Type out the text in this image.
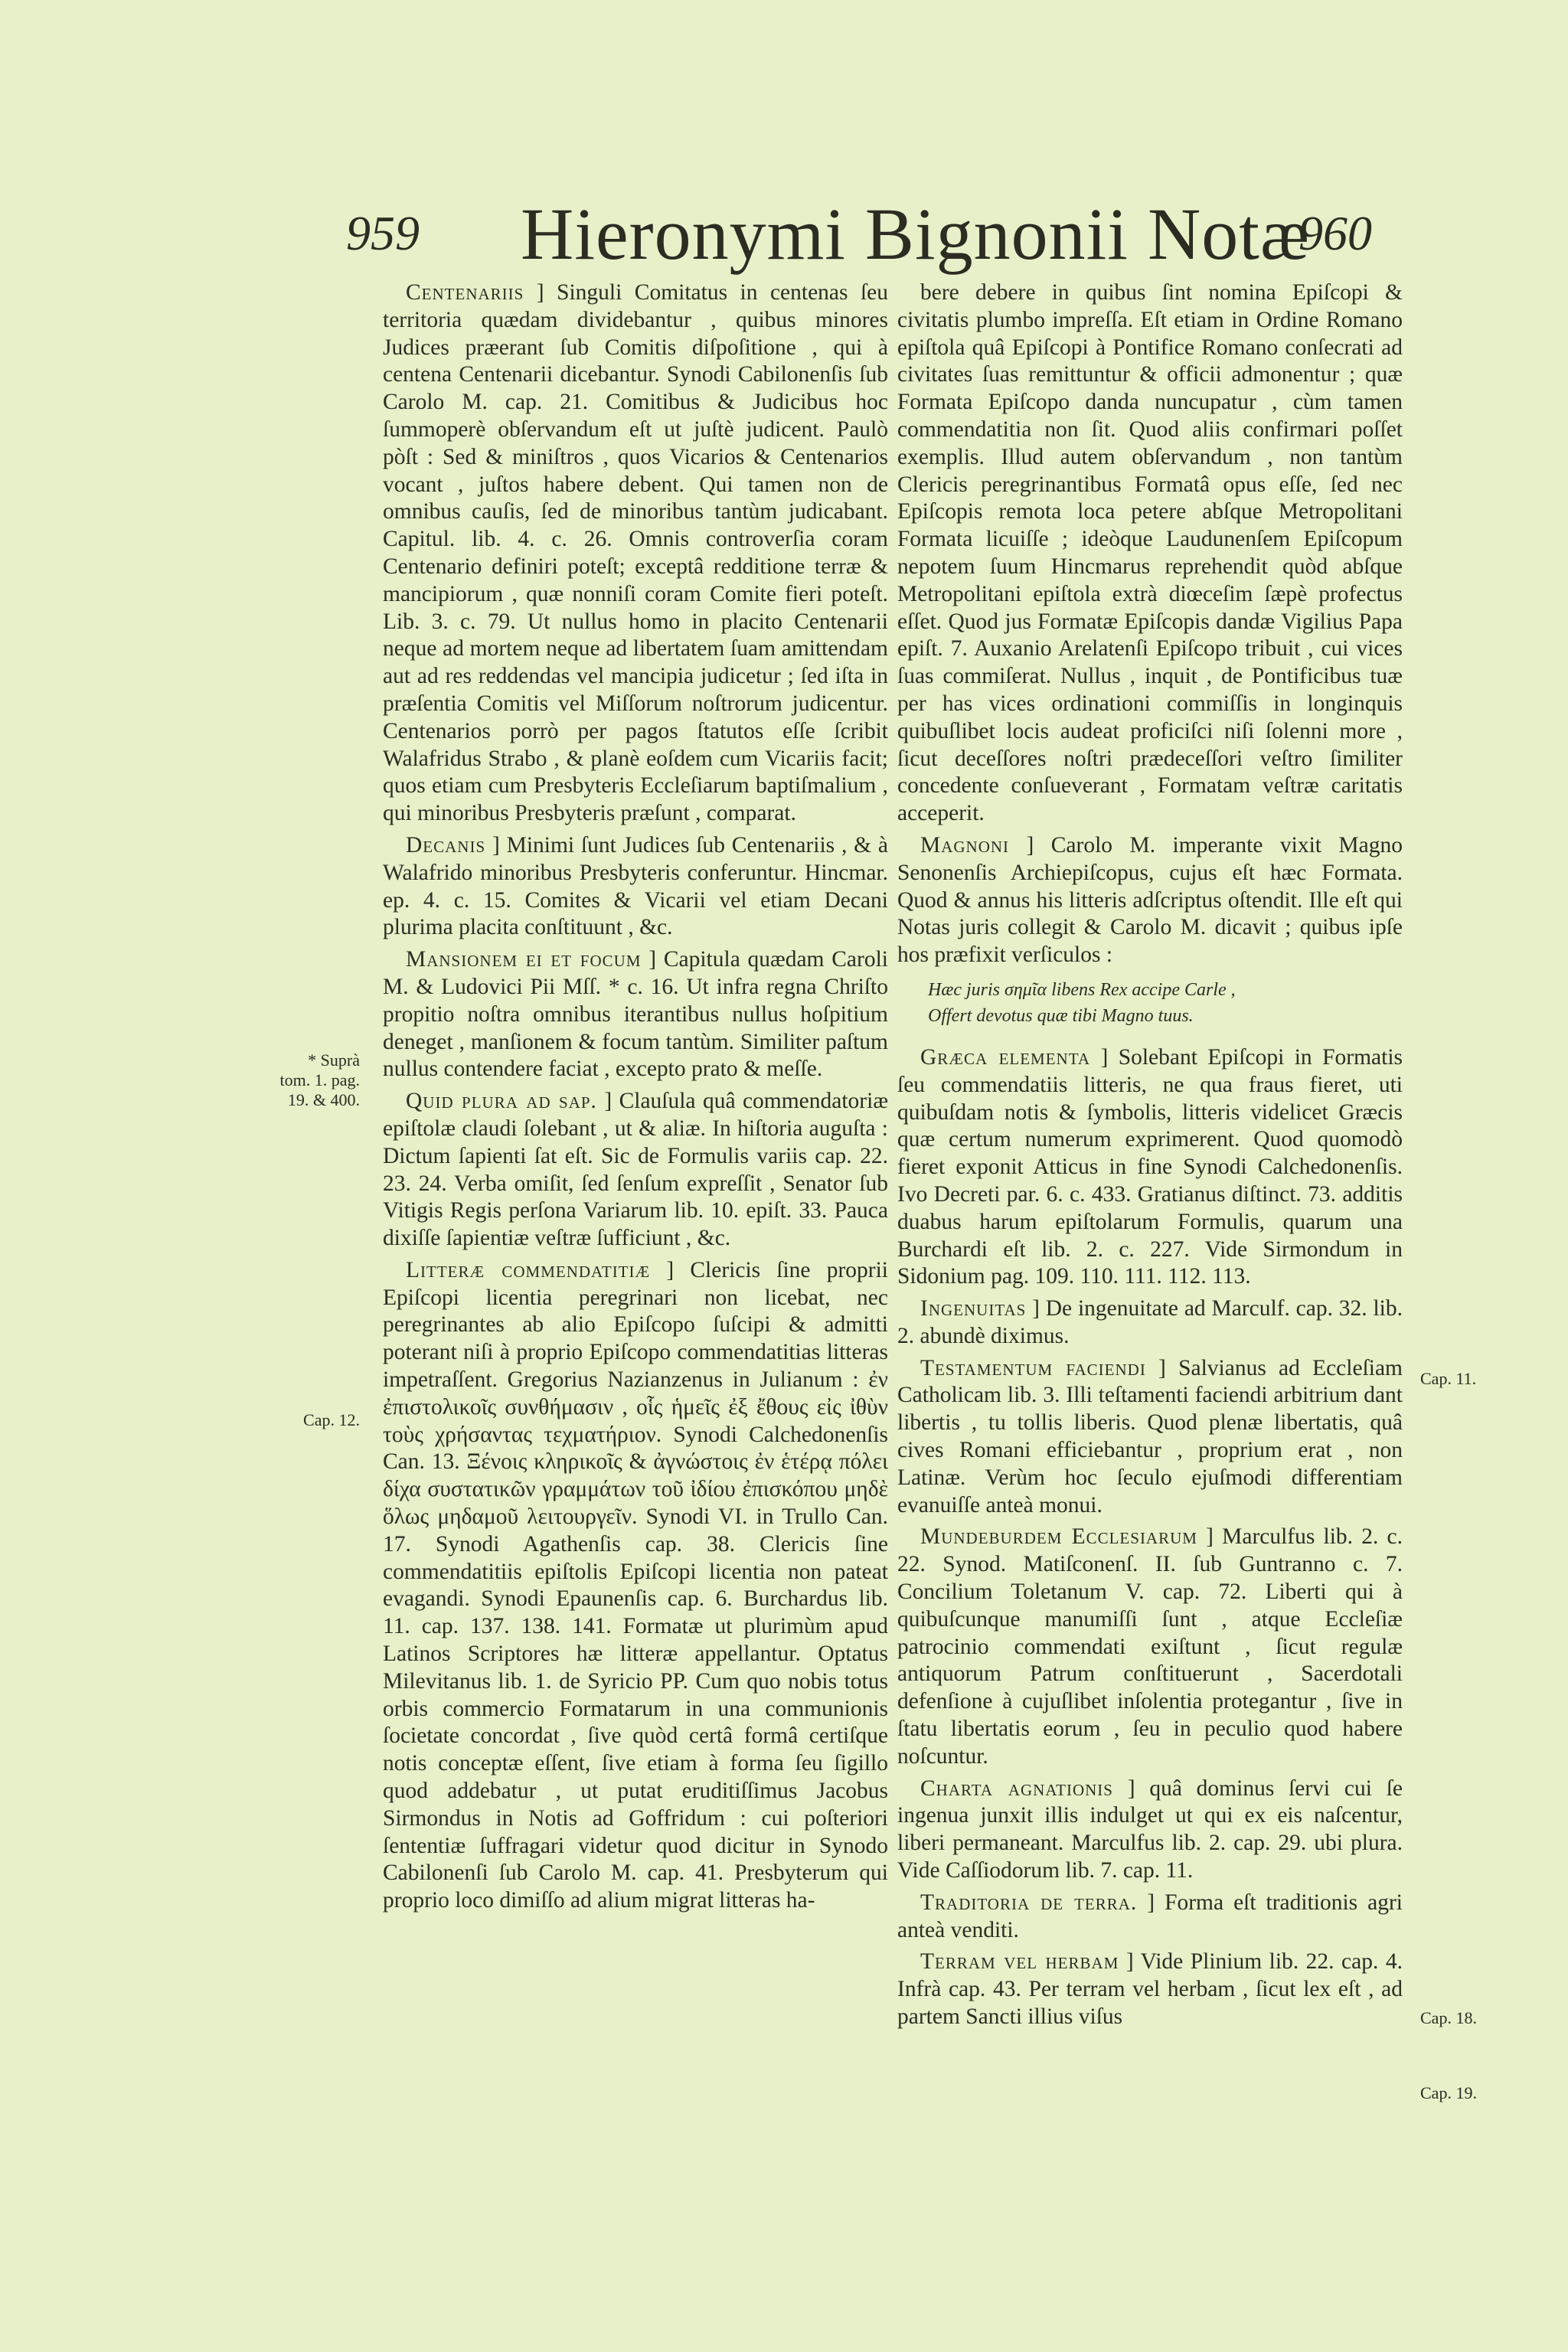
959 Hieronymi Bignonii Notæ
960

Centenariis ] Singuli Comitatus in centenas ſeu territoria quædam dividebantur , quibus minores Judices præerant ſub Comitis diſpoſitione , qui à centena Centenarii dicebantur. Synodi Cabilonenſis ſub Carolo M. cap. 21. Comitibus & Judicibus hoc ſummoperè obſervandum eſt ut juſtè judicent. Paulò pòſt : Sed & miniſtros , quos Vicarios & Centenarios vocant , juſtos habere debent. Qui tamen non de omnibus cauſis, ſed de minoribus tantùm judicabant. Capitul. lib. 4. c. 26. Omnis controverſia coram Centenario definiri poteſt; exceptâ redditione terræ & mancipiorum , quæ nonniſi coram Comite fieri poteſt. Lib. 3. c. 79. Ut nullus homo in placito Centenarii neque ad mortem neque ad libertatem ſuam amittendam aut ad res reddendas vel mancipia judicetur ; ſed iſta in præſentia Comitis vel Miſſorum noſtrorum judicentur. Centenarios porrò per pagos ſtatutos eſſe ſcribit Walafridus Strabo , & planè eoſdem cum Vicariis facit; quos etiam cum Presbyteris Eccleſiarum baptiſmalium , qui minoribus Presbyteris præſunt , comparat.

Decanis ] Minimi ſunt Judices ſub Centenariis , & à Walafrido minoribus Presbyteris conferuntur. Hincmar. ep. 4. c. 15. Comites & Vicarii vel etiam Decani plurima placita conſtituunt , &c.

Mansionem ei et focum ] Capitula quædam Caroli M. & Ludovici Pii Mſſ. * c. 16. Ut infra regna Chriſto propitio noſtra omnibus iterantibus nullus hoſpitium deneget , manſionem & focum tantùm. Similiter paſtum nullus contendere faciat , excepto prato & meſſe.

Quid plura ad sap. ] Clauſula quâ commendatoriæ epiſtolæ claudi ſolebant , ut & aliæ. In hiſtoria auguſta : Dictum ſapienti ſat eſt. Sic de Formulis variis cap. 22. 23. 24. Verba omiſit, ſed ſenſum expreſſit , Senator ſub Vitigis Regis perſona Variarum lib. 10. epiſt. 33. Pauca dixiſſe ſapientiæ veſtræ ſufficiunt , &c.

Litteræ commendatitiæ ] Clericis ſine proprii Epiſcopi licentia peregrinari non licebat, nec peregrinantes ab alio Epiſcopo ſuſcipi & admitti poterant niſi à proprio Epiſcopo commendatitias litteras impetraſſent. Gregorius Nazianzenus in Julianum : ἐν ἐπιστολικοῖς συνθήμασιν , οἷς ἡμεῖς ἐξ ἔθους εἰς ἰθὺν τοὺς χρήσαντας τεχματήριον. Synodi Calchedonenſis Can. 13. Ξένοις κληρικοῖς & ἀγνώστοις ἐν ἑτέρᾳ πόλει δίχα συστατικῶν γραμμάτων τοῦ ἰδίου ἐπισκόπου μηδὲ ὅλως μηδαμοῦ λειτουργεῖν. Synodi VI. in Trullo Can. 17. Synodi Agathenſis cap. 38. Clericis ſine commendatitiis epiſtolis Epiſcopi licentia non pateat evagandi. Synodi Epaunenſis cap. 6. Burchardus lib. 11. cap. 137. 138. 141. Formatæ ut plurimùm apud Latinos Scriptores hæ litteræ appellantur. Optatus Milevitanus lib. 1. de Syricio PP. Cum quo nobis totus orbis commercio Formatarum in una communionis ſocietate concordat , ſive quòd certâ formâ certiſque notis conceptæ eſſent, ſive etiam à forma ſeu ſigillo quod addebatur , ut putat eruditiſſimus Jacobus Sirmondus in Notis ad Goffridum : cui poſteriori ſententiæ ſuffragari videtur quod dicitur in Synodo Cabilonenſi ſub Carolo M. cap. 41. Presbyterum qui proprio loco dimiſſo ad alium migrat litteras ha-

bere debere in quibus ſint nomina Epiſcopi & civitatis plumbo impreſſa. Eſt etiam in Ordine Romano epiſtola quâ Epiſcopi à Pontifice Romano conſecrati ad civitates ſuas remittuntur & officii admonentur ; quæ Formata Epiſcopo danda nuncupatur , cùm tamen commendatitia non ſit. Quod aliis confirmari poſſet exemplis. Illud autem obſervandum , non tantùm Clericis peregrinantibus Formatâ opus eſſe, ſed nec Epiſcopis remota loca petere abſque Metropolitani Formata licuiſſe ; ideòque Laudunenſem Epiſcopum nepotem ſuum Hincmarus reprehendit quòd abſque Metropolitani epiſtola extrà diœceſim ſæpè profectus eſſet. Quod jus Formatæ Epiſcopis dandæ Vigilius Papa epiſt. 7. Auxanio Arelatenſi Epiſcopo tribuit , cui vices ſuas commiſerat. Nullus , inquit , de Pontificibus tuæ per has vices ordinationi commiſſis in longinquis quibuſlibet locis audeat proficiſci niſi ſolenni more , ſicut deceſſores noſtri prædeceſſori veſtro ſimiliter concedente conſueverant , Formatam veſtræ caritatis acceperit.

Magnoni ] Carolo M. imperante vixit Magno Senonenſis Archiepiſcopus, cujus eſt hæc Formata. Quod & annus his litteris adſcriptus oſtendit. Ille eſt qui Notas juris collegit & Carolo M. dicavit ; quibus ipſe hos præfixit verſiculos :

Hæc juris σημῖα libens Rex accipe Carle ,
Offert devotus quæ tibi Magno tuus.

Græca elementa ] Solebant Epiſcopi in Formatis ſeu commendatiis litteris, ne qua fraus fieret, uti quibuſdam notis & ſymbolis, litteris videlicet Græcis quæ certum numerum exprimerent. Quod quomodò fieret exponit Atticus in fine Synodi Calchedonenſis. Ivo Decreti par. 6. c. 433. Gratianus diſtinct. 73. additis duabus harum epiſtolarum Formulis, quarum una Burchardi eſt lib. 2. c. 227. Vide Sirmondum in Sidonium pag. 109. 110. 111. 112. 113.

Ingenuitas ] De ingenuitate ad Marculf. cap. 32. lib. 2. abundè diximus.

Testamentum faciendi ] Salvianus ad Eccleſiam Catholicam lib. 3. Illi teſtamenti faciendi arbitrium dant libertis , tu tollis liberis. Quod plenæ libertatis, quâ cives Romani efficiebantur , proprium erat , non Latinæ. Verùm hoc ſeculo ejuſmodi differentiam evanuiſſe anteà monui.

Mundeburdem Ecclesiarum ] Marculfus lib. 2. c. 22. Synod. Matiſconenſ. II. ſub Guntranno c. 7. Concilium Toletanum V. cap. 72. Liberti qui à quibuſcunque manumiſſi ſunt , atque Eccleſiæ patrocinio commendati exiſtunt , ſicut regulæ antiquorum Patrum conſtituerunt , Sacerdotali defenſione à cujuſlibet inſolentia protegantur , ſive in ſtatu libertatis eorum , ſeu in peculio quod habere noſcuntur.

Charta agnationis ] quâ dominus ſervi cui ſe ingenua junxit illis indulget ut qui ex eis naſcentur, liberi permaneant. Marculfus lib. 2. cap. 29. ubi plura. Vide Caſſiodorum lib. 7. cap. 11.

Traditoria de terra. ] Forma eſt traditionis agri anteà venditi.

Terram vel herbam ] Vide Plinium lib. 22. cap. 4. Infrà cap. 43. Per terram vel herbam , ſicut lex eſt , ad partem Sancti illius viſus

* Suprà
tom. 1. pag.
19. & 400.
Cap. 12.
Cap. 11.
Cap. 18.
Cap. 19.
